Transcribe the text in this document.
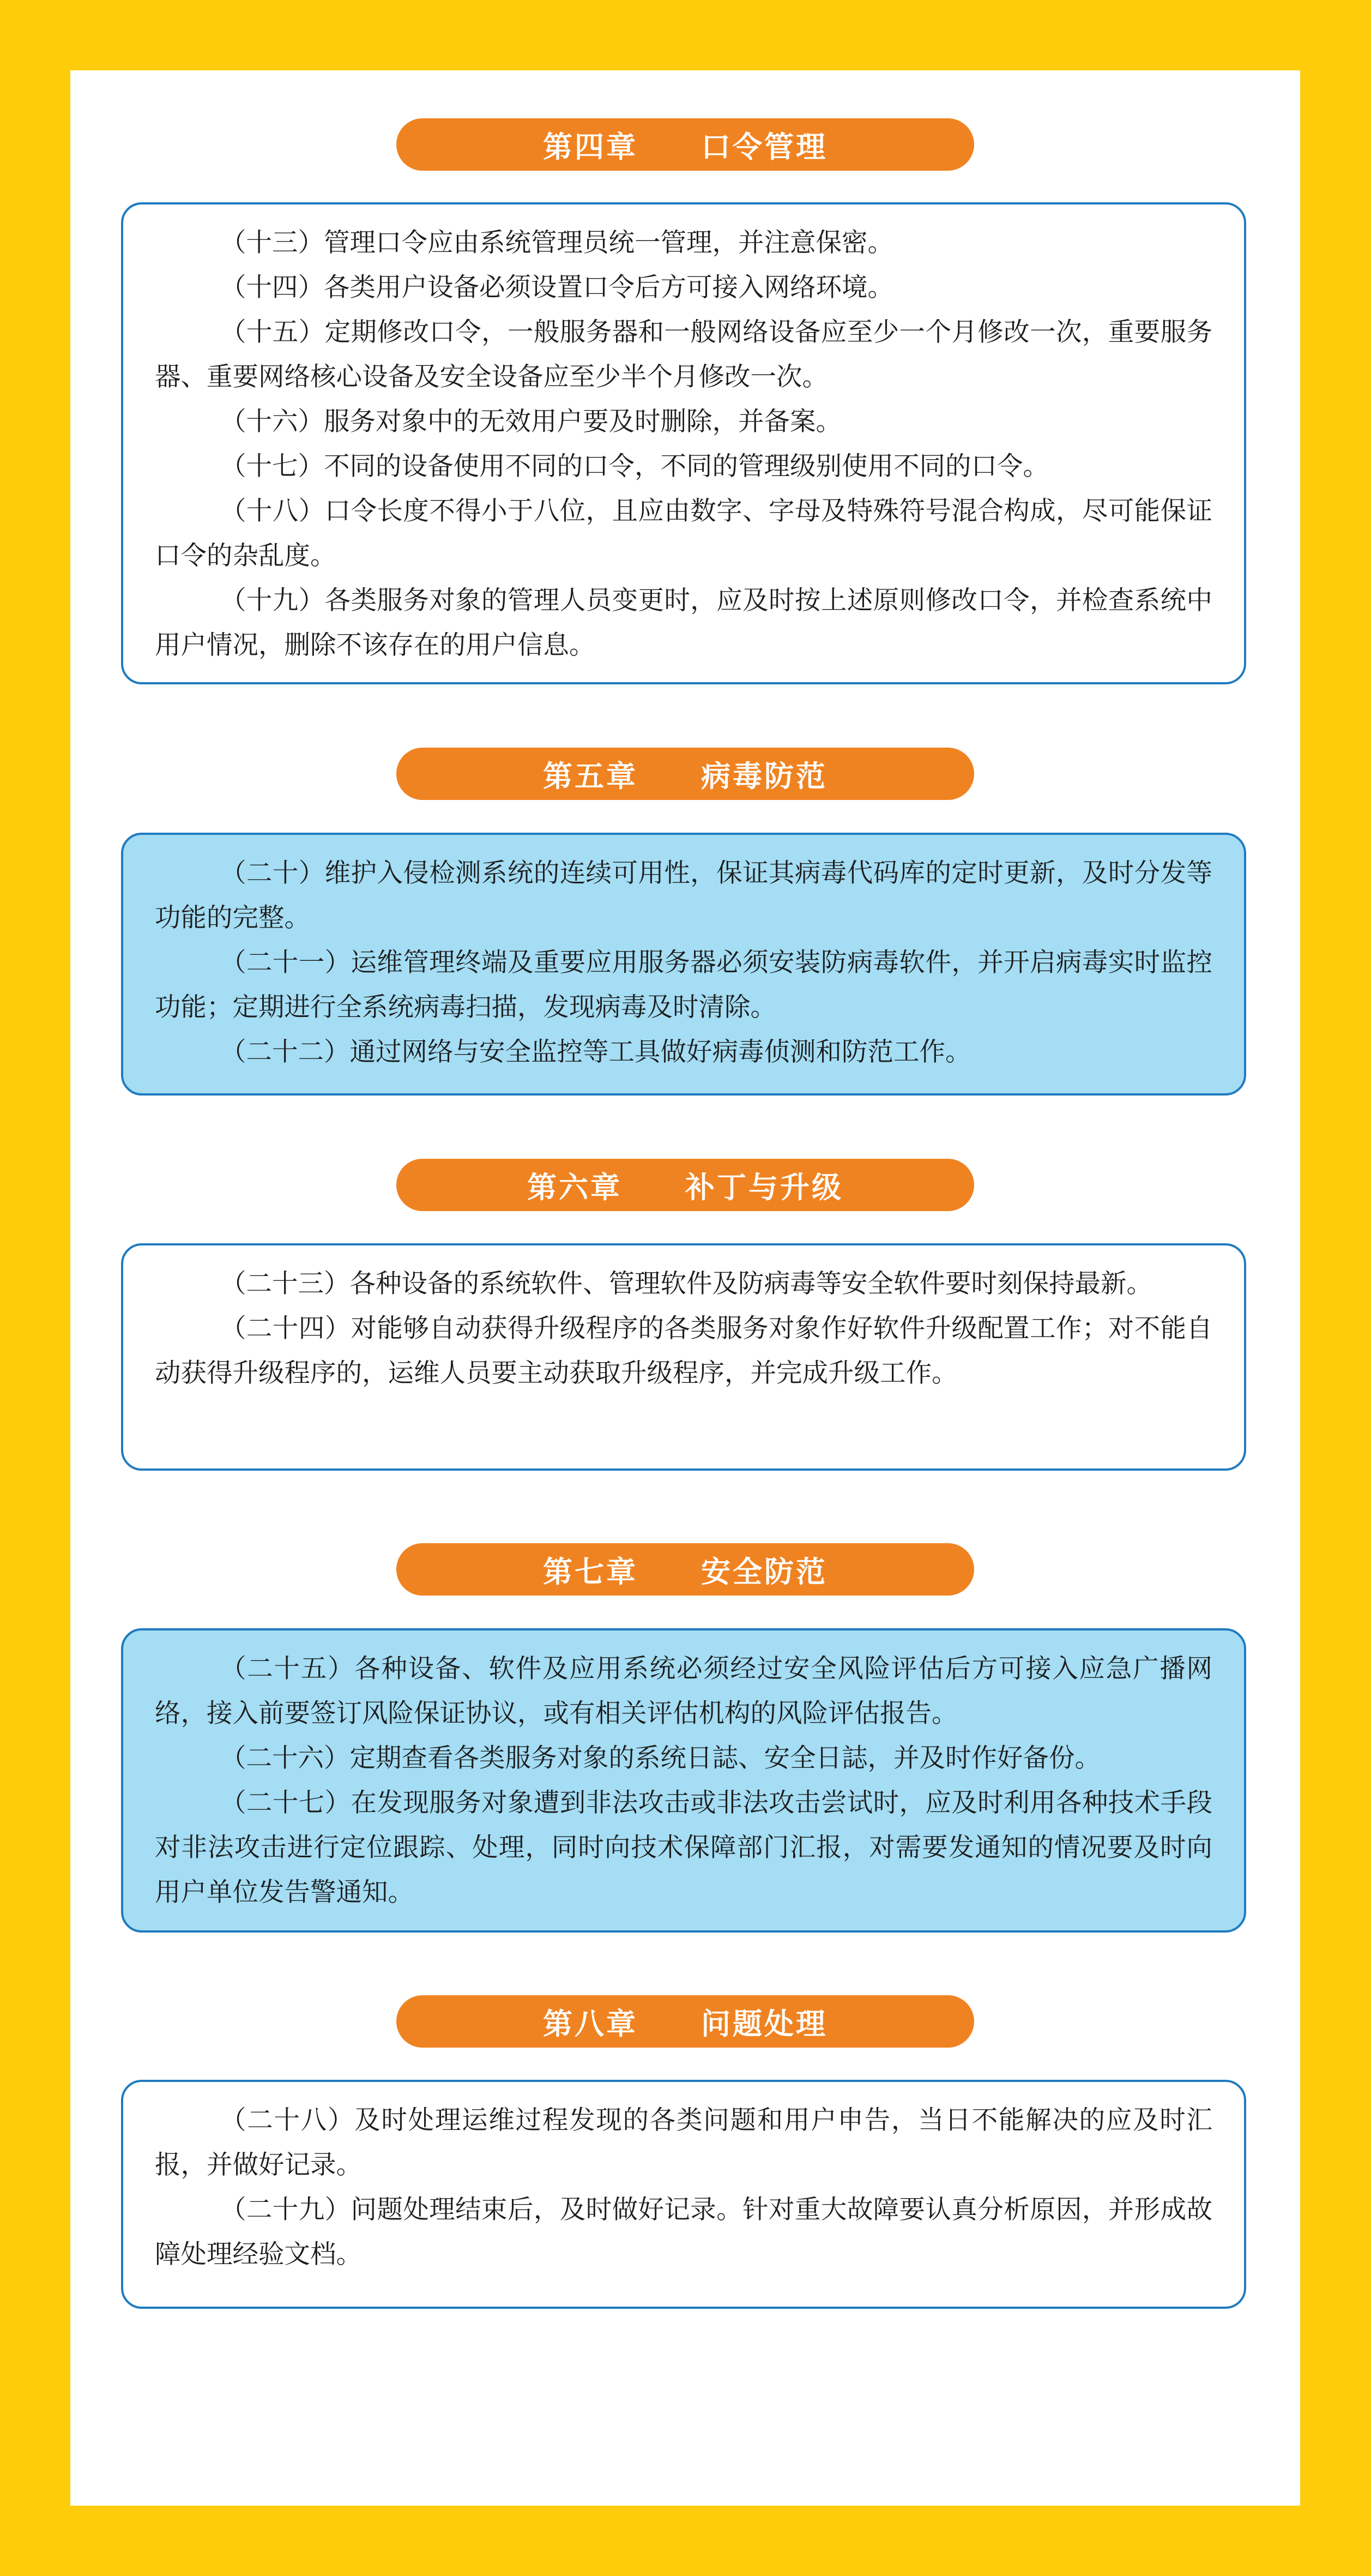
第四章　　口令管理

（十三）管理口令应由系统管理员统一管理，并注意保密。

（十四）各类用户设备必须设置口令后方可接入网络环境。

（十五）定期修改口令，一般服务器和一般网络设备应至少一个月修改一次，重要服务器、重要网络核心设备及安全设备应至少半个月修改一次。

（十六）服务对象中的无效用户要及时删除，并备案。

（十七）不同的设备使用不同的口令，不同的管理级别使用不同的口令。

（十八）口令长度不得小于八位，且应由数字、字母及特殊符号混合构成，尽可能保证口令的杂乱度。

（十九）各类服务对象的管理人员变更时，应及时按上述原则修改口令，并检查系统中用户情况，删除不该存在的用户信息。

第五章　　病毒防范

（二十）维护入侵检测系统的连续可用性，保证其病毒代码库的定时更新，及时分发等功能的完整。

（二十一）运维管理终端及重要应用服务器必须安装防病毒软件，并开启病毒实时监控功能；定期进行全系统病毒扫描，发现病毒及时清除。

（二十二）通过网络与安全监控等工具做好病毒侦测和防范工作。

第六章　　补丁与升级

（二十三）各种设备的系统软件、管理软件及防病毒等安全软件要时刻保持最新。

（二十四）对能够自动获得升级程序的各类服务对象作好软件升级配置工作；对不能自动获得升级程序的，运维人员要主动获取升级程序，并完成升级工作。

第七章　　安全防范

（二十五）各种设备、软件及应用系统必须经过安全风险评估后方可接入应急广播网络，接入前要签订风险保证协议，或有相关评估机构的风险评估报告。

（二十六）定期查看各类服务对象的系统日誌、安全日誌，并及时作好备份。

（二十七）在发现服务对象遭到非法攻击或非法攻击尝试时，应及时利用各种技术手段对非法攻击进行定位跟踪、处理，同时向技术保障部门汇报，对需要发通知的情况要及时向用户单位发告警通知。

第八章　　问题处理

（二十八）及时处理运维过程发现的各类问题和用户申告，当日不能解决的应及时汇报，并做好记录。

（二十九）问题处理结束后，及时做好记录。针对重大故障要认真分析原因，并形成故障处理经验文档。
